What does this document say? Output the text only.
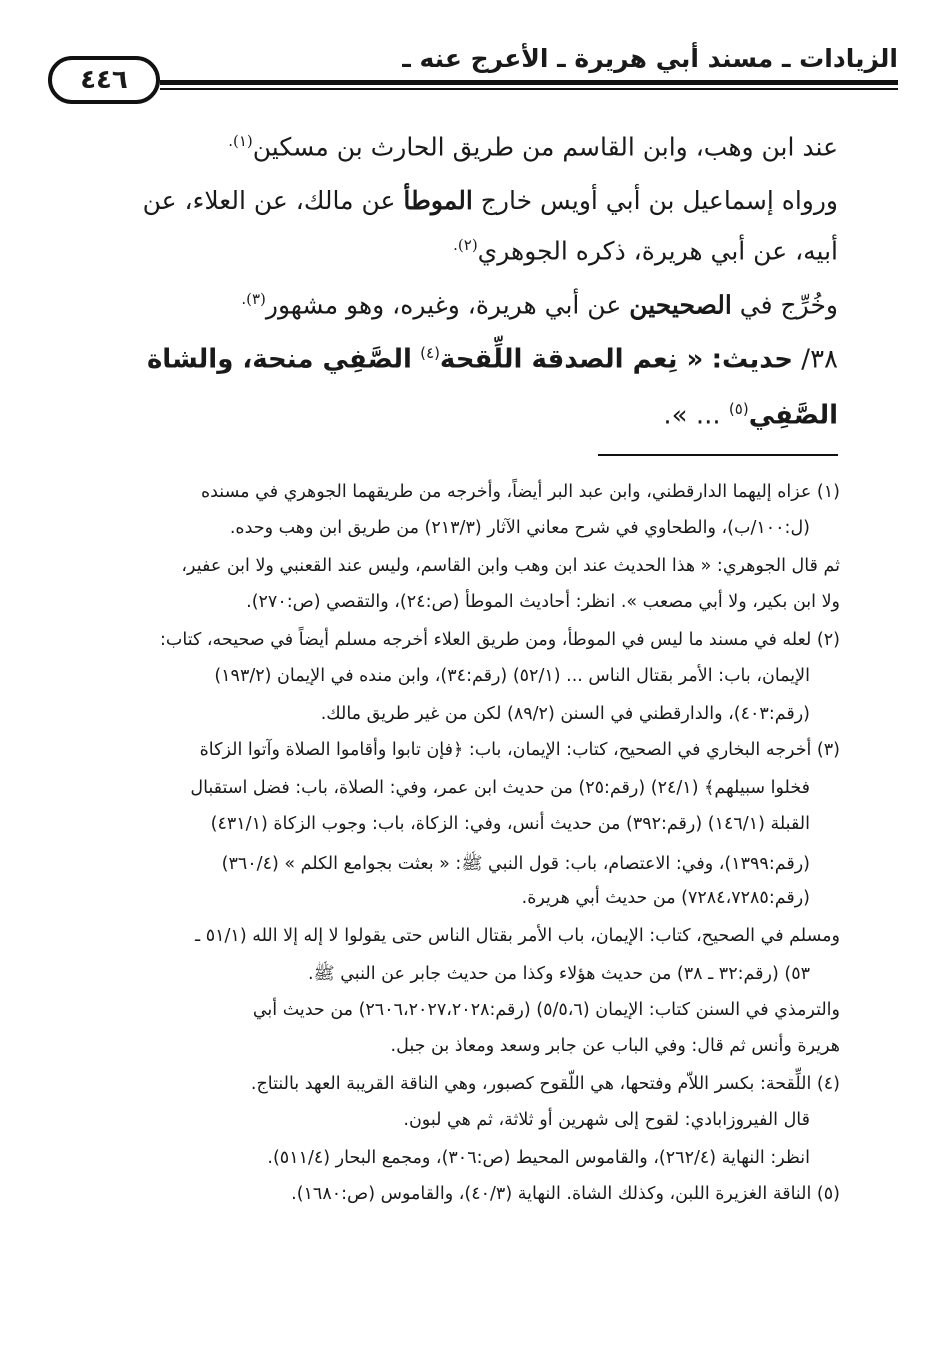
الزيادات ـ مسند أبي هريرة ـ الأعرج عنه ـ
٤٤٦
عند ابن وهب، وابن القاسم من طريق الحارث بن مسكين$^{(١).}$
ورواه إسماعيل بن أبي أويس خارج الموطأ عن مالك، عن العلاء، عن
أبيه، عن أبي هريرة، ذكره الجوهري$^{(٢).}$
وخُرِّج في الصحيحين عن أبي هريرة، وغيره، وهو مشهور$^{(٣).}$
٣٨/ حديث: « نِعم الصدقة اللِّقحة$^{(٤)}$ الصَّفِي منحة، والشاة
الصَّفِي$^{(٥)}$ ... ».
(١) عزاه إليهما الدارقطني، وابن عبد البر أيضاً، وأخرجه من طريقهما الجوهري في مسنده
(ل:١٠٠/ب)، والطحاوي في شرح معاني الآثار (٢١٣/٣) من طريق ابن وهب وحده.
ثم قال الجوهري: « هذا الحديث عند ابن وهب وابن القاسم، وليس عند القعنبي ولا ابن عفير،
ولا ابن بكير، ولا أبي مصعب ». انظر: أحاديث الموطأ (ص:٢٤)، والتقصي (ص:٢٧٠).
(٢) لعله في مسند ما ليس في الموطأ، ومن طريق العلاء أخرجه مسلم أيضاً في صحيحه، كتاب:
الإيمان، باب: الأمر بقتال الناس ... (٥٢/١) (رقم:٣٤)، وابن منده في الإيمان (١٩٣/٢)
(رقم:٤٠٣)، والدارقطني في السنن (٨٩/٢) لكن من غير طريق مالك.
(٣) أخرجه البخاري في الصحيح، كتاب: الإيمان، باب: ﴿فإن تابوا وأقاموا الصلاة وآتوا الزكاة
فخلوا سبيلهم﴾ (٢٤/١) (رقم:٢٥) من حديث ابن عمر، وفي: الصلاة، باب: فضل استقبال
القبلة (١٤٦/١) (رقم:٣٩٢) من حديث أنس، وفي: الزكاة، باب: وجوب الزكاة (٤٣١/١)
(رقم:١٣٩٩)، وفي: الاعتصام، باب: قول النبي ﷺ: « بعثت بجوامع الكلم » (٣٦٠/٤)
(رقم:٧٢٨٤،٧٢٨٥) من حديث أبي هريرة.
ومسلم في الصحيح، كتاب: الإيمان، باب الأمر بقتال الناس حتى يقولوا لا إله إلا الله (٥١/١ ـ
٥٣) (رقم:٣٢ ـ ٣٨) من حديث هؤلاء وكذا من حديث جابر عن النبي ﷺ.
والترمذي في السنن كتاب: الإيمان (٥/٥،٦) (رقم:٢٦٠٦،٢٠٢٧،٢٠٢٨) من حديث أبي
هريرة وأنس ثم قال: وفي الباب عن جابر وسعد ومعاذ بن جبل.
(٤) اللِّقحة: بكسر اللاّم وفتحها، هي اللّقوح كصبور، وهي الناقة القريبة العهد بالنتاج.
قال الفيروزابادي: لقوح إلى شهرين أو ثلاثة، ثم هي لبون.
انظر: النهاية (٢٦٢/٤)، والقاموس المحيط (ص:٣٠٦)، ومجمع البحار (٥١١/٤).
(٥) الناقة الغزيرة اللبن، وكذلك الشاة. النهاية (٤٠/٣)، والقاموس (ص:١٦٨٠).
